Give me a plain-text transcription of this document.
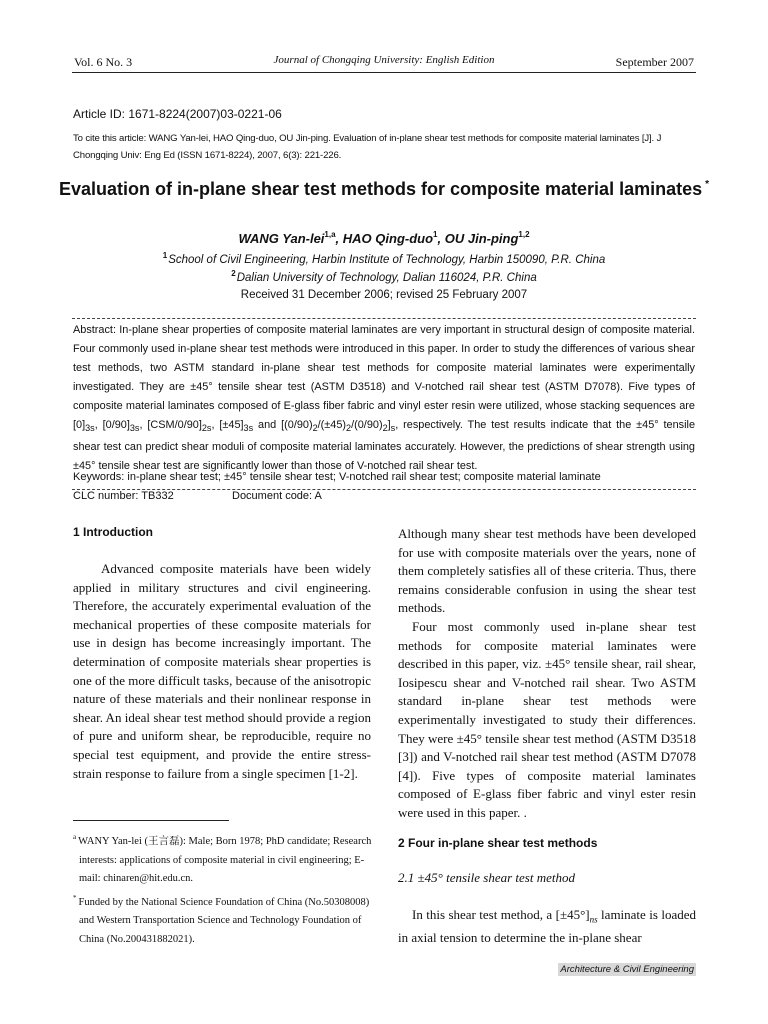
Vol. 6 No. 3	Journal of Chongqing University: English Edition	September 2007
Article ID: 1671-8224(2007)03-0221-06
To cite this article: WANG Yan-lei, HAO Qing-duo, OU Jin-ping. Evaluation of in-plane shear test methods for composite material laminates [J]. J Chongqing Univ: Eng Ed (ISSN 1671-8224), 2007, 6(3): 221-226.
Evaluation of in-plane shear test methods for composite material laminates *
WANG Yan-lei$^{1,a}$, HAO Qing-duo$^1$, OU Jin-ping$^{1,2}$
$^1$School of Civil Engineering, Harbin Institute of Technology, Harbin 150090, P.R. China
$^2$Dalian University of Technology, Dalian 116024, P.R. China
Received 31 December 2006; revised 25 February 2007
Abstract: In-plane shear properties of composite material laminates are very important in structural design of composite material. Four commonly used in-plane shear test methods were introduced in this paper. In order to study the differences of various shear test methods, two ASTM standard in-plane shear test methods for composite material laminates were experimentally investigated. They are ±45° tensile shear test (ASTM D3518) and V-notched rail shear test (ASTM D7078). Five types of composite material laminates composed of E-glass fiber fabric and vinyl ester resin were utilized, whose stacking sequences are $[0]_{3s}$, $[0/90]_{3s}$, $[CSM/0/90]_{2s}$, $[\pm 45]_{3s}$ and $[(0/90)_2/(\pm 45)_2/(0/90)_2]_s$, respectively. The test results indicate that the ±45° tensile shear test can predict shear moduli of composite material laminates accurately. However, the predictions of shear strength using ±45° tensile shear test are significantly lower than those of V-notched rail shear test.
Keywords: in-plane shear test; ±45° tensile shear test; V-notched rail shear test; composite material laminate
CLC number: TB332	Document code: A
1 Introduction

Advanced composite materials have been widely applied in military structures and civil engineering. Therefore, the accurately experimental evaluation of the mechanical properties of these composite materials for use in design has become increasingly important. The determination of composite materials shear properties is one of the more difficult tasks, because of the anisotropic nature of these materials and their nonlinear response in shear. An ideal shear test method should provide a region of pure and uniform shear, be reproducible, require no special test equipment, and provide the entire stress-strain response to failure from a single specimen [1-2].

$^a$ WANY Yan-lei (王言磊): Male; Born 1978; PhD candidate; Research interests: applications of composite material in civil engineering; E-mail: chinaren@hit.edu.cn.
* Funded by the National Science Foundation of China (No.50308008) and Western Transportation Science and Technology Foundation of China (No.200431882021).

Although many shear test methods have been developed for use with composite materials over the years, none of them completely satisfies all of these criteria. Thus, there remains considerable confusion in using the shear test methods.

Four most commonly used in-plane shear test methods for composite material laminates were described in this paper, viz. ±45° tensile shear, rail shear, Iosipescu shear and V-notched rail shear. Two ASTM standard in-plane shear test methods were experimentally investigated to study their differences. They were ±45° tensile shear test method (ASTM D3518 [3]) and V-notched rail shear test method (ASTM D7078 [4]). Five types of composite material laminates composed of E-glass fiber fabric and vinyl ester resin were used in this paper. .

2 Four in-plane shear test methods
2.1 ±45° tensile shear test method
In this shear test method, a $[\pm 45^\circ]_{ns}$ laminate is loaded in axial tension to determine the in-plane shear
Architecture & Civil Engineering
